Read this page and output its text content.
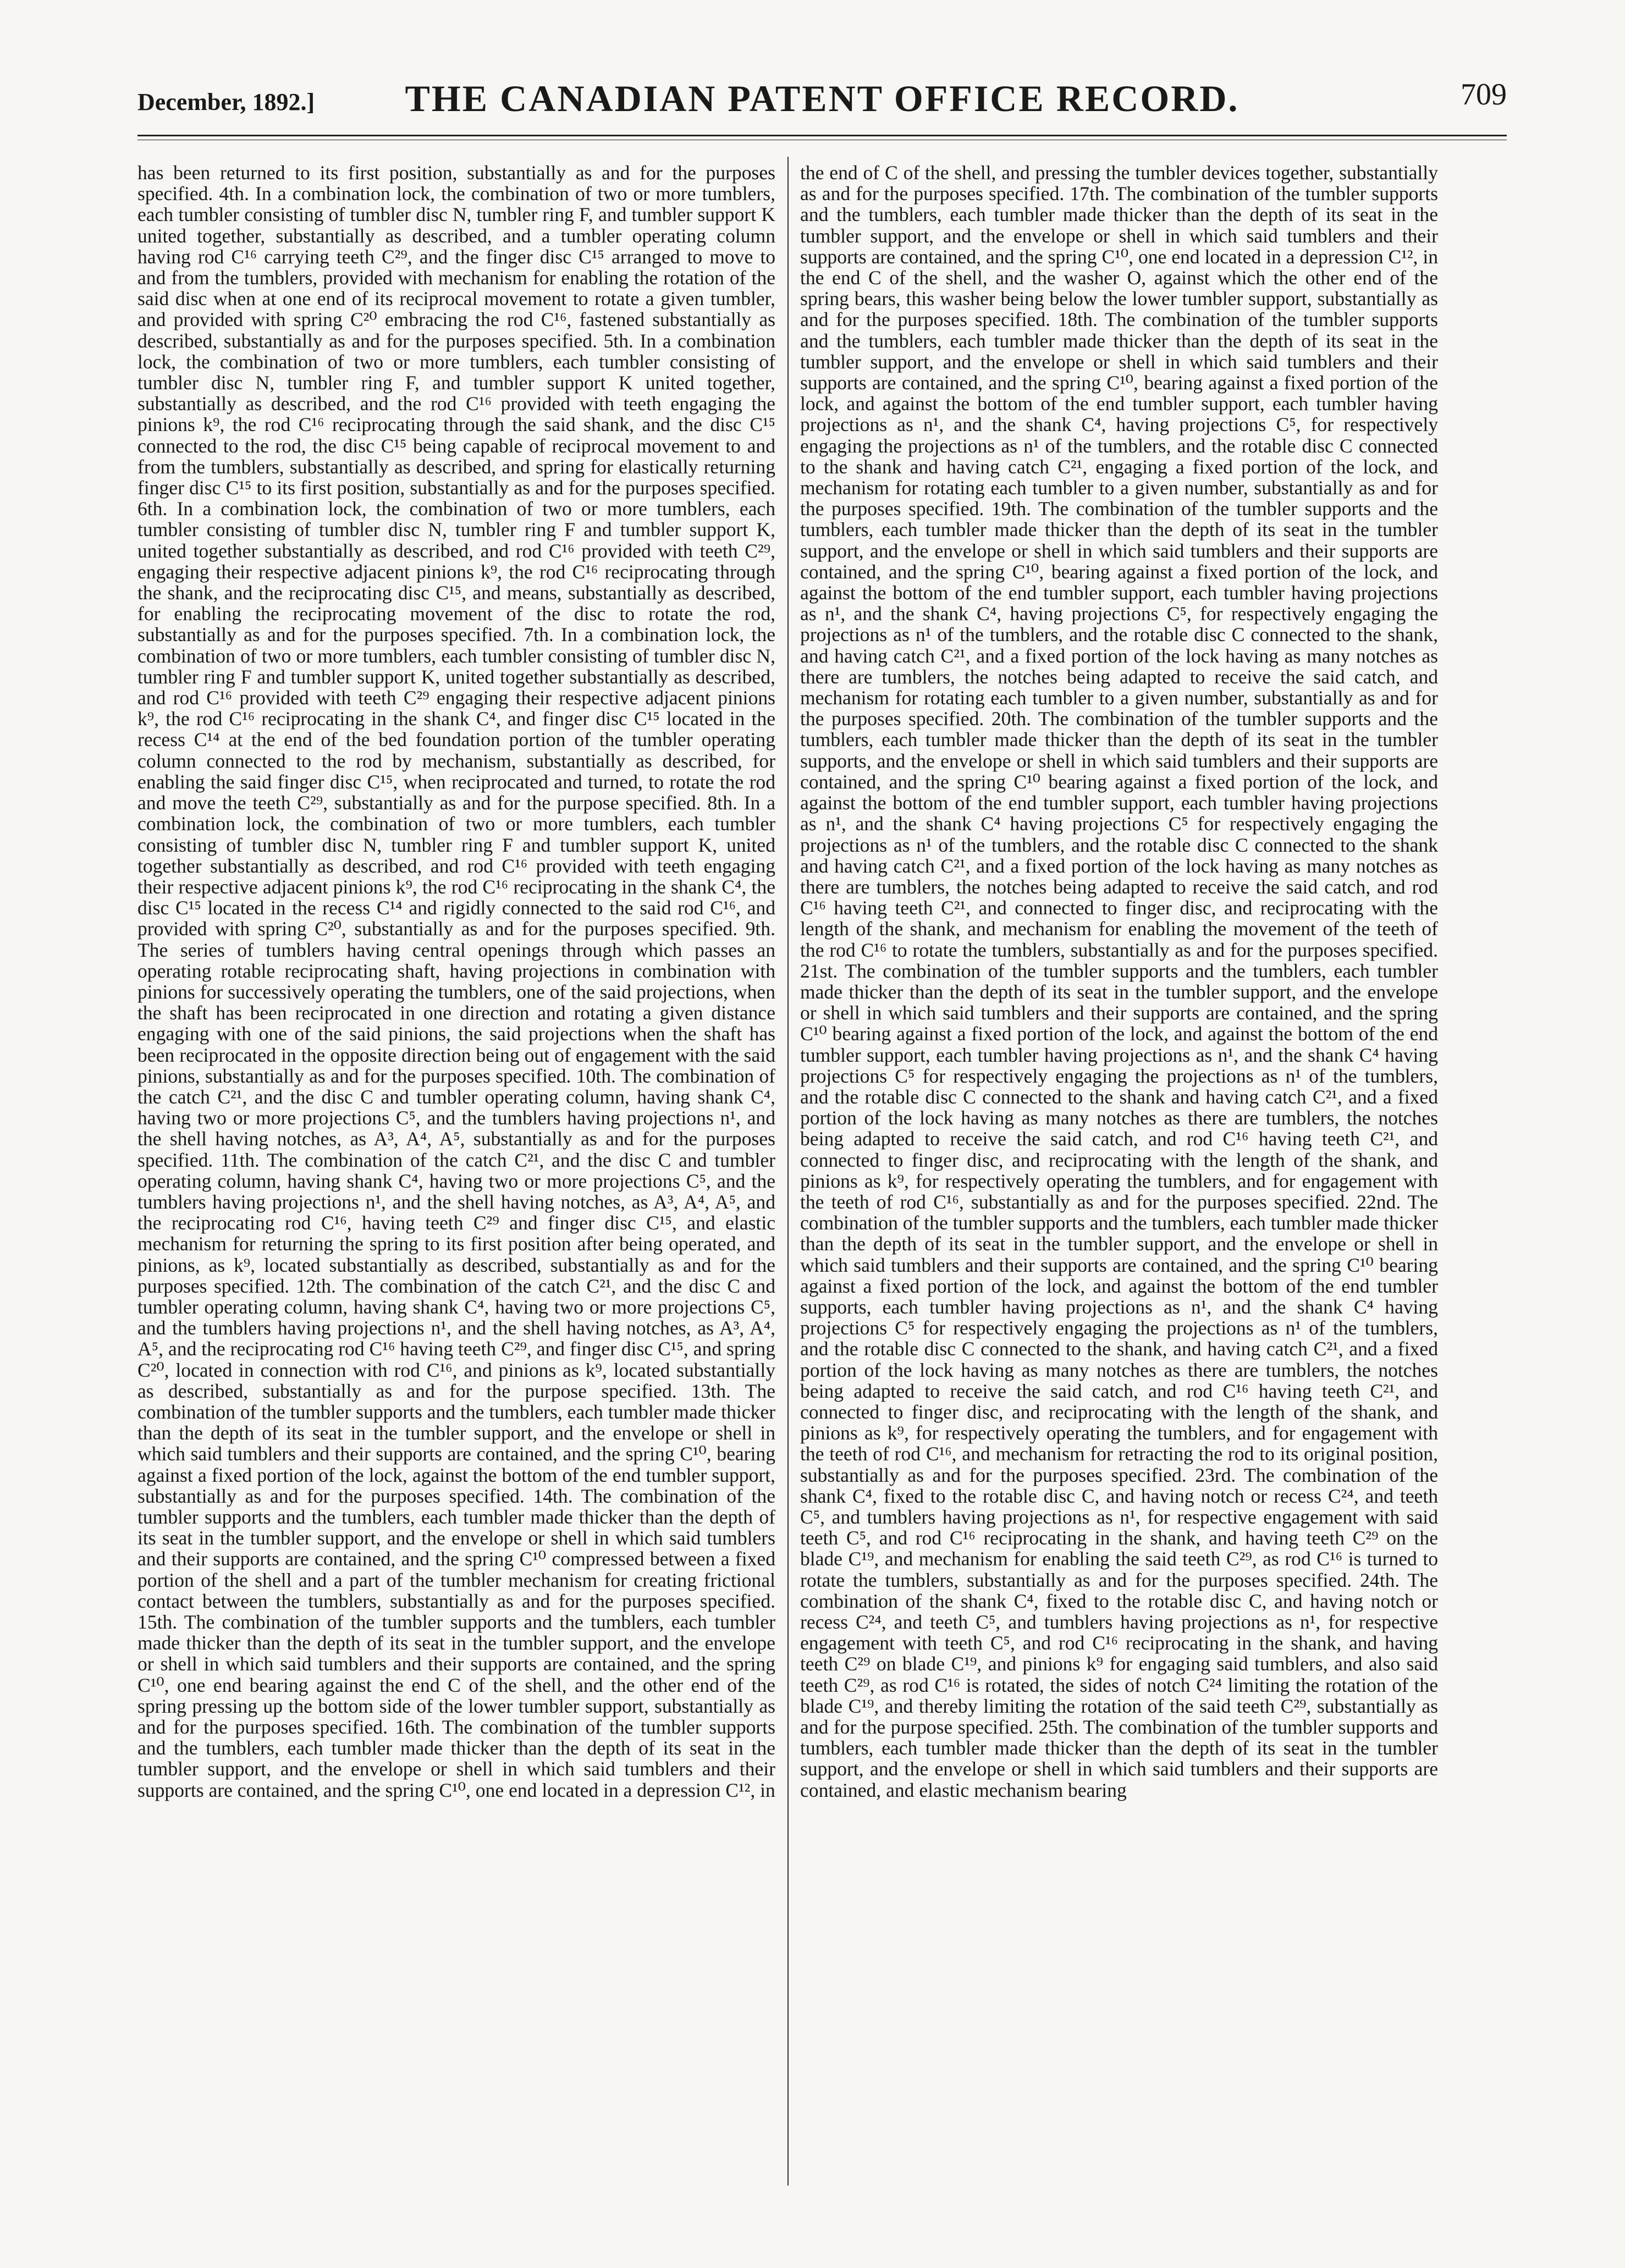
December, 1892.]	THE CANADIAN PATENT OFFICE RECORD.	709

has been returned to its first position, substantially as and for the purposes specified. 4th. In a combination lock, the combination of two or more tumblers, each tumbler consisting of tumbler disc N, tumbler ring F, and tumbler support K united together, substantially as described, and a tumbler operating column having rod C¹⁶ carrying teeth C²⁹, and the finger disc C¹⁵ arranged to move to and from the tumblers, provided with mechanism for enabling the rotation of the said disc when at one end of its reciprocal movement to rotate a given tumbler, and provided with spring C²⁰ embracing the rod C¹⁶, fastened substantially as described, substantially as and for the purposes specified. 5th. In a combination lock, the combination of two or more tumblers, each tumbler consisting of tumbler disc N, tumbler ring F, and tumbler support K united together, substantially as described, and the rod C¹⁶ provided with teeth engaging the pinions k⁹, the rod C¹⁶ reciprocating through the said shank, and the disc C¹⁵ connected to the rod, the disc C¹⁵ being capable of reciprocal movement to and from the tumblers, substantially as described, and spring for elastically returning finger disc C¹⁵ to its first position, substantially as and for the purposes specified. 6th. In a combination lock, the combination of two or more tumblers, each tumbler consisting of tumbler disc N, tumbler ring F and tumbler support K, united together substantially as described, and rod C¹⁶ provided with teeth C²⁹, engaging their respective adjacent pinions k⁹, the rod C¹⁶ reciprocating through the shank, and the reciprocating disc C¹⁵, and means, substantially as described, for enabling the reciprocating movement of the disc to rotate the rod, substantially as and for the purposes specified. 7th. In a combination lock, the combination of two or more tumblers, each tumbler consisting of tumbler disc N, tumbler ring F and tumbler support K, united together substantially as described, and rod C¹⁶ provided with teeth C²⁹ engaging their respective adjacent pinions k⁹, the rod C¹⁶ reciprocating in the shank C⁴, and finger disc C¹⁵ located in the recess C¹⁴ at the end of the bed foundation portion of the tumbler operating column connected to the rod by mechanism, substantially as described, for enabling the said finger disc C¹⁵, when reciprocated and turned, to rotate the rod and move the teeth C²⁹, substantially as and for the purpose specified. 8th. In a combination lock, the combination of two or more tumblers, each tumbler consisting of tumbler disc N, tumbler ring F and tumbler support K, united together substantially as described, and rod C¹⁶ provided with teeth engaging their respective adjacent pinions k⁹, the rod C¹⁶ reciprocating in the shank C⁴, the disc C¹⁵ located in the recess C¹⁴ and rigidly connected to the said rod C¹⁶, and provided with spring C²⁰, substantially as and for the purposes specified. 9th. The series of tumblers having central openings through which passes an operating rotable reciprocating shaft, having projections in combination with pinions for successively operating the tumblers, one of the said projections, when the shaft has been reciprocated in one direction and rotating a given distance engaging with one of the said pinions, the said projections when the shaft has been reciprocated in the opposite direction being out of engagement with the said pinions, substantially as and for the purposes specified. 10th. The combination of the catch C²¹, and the disc C and tumbler operating column, having shank C⁴, having two or more projections C⁵, and the tumblers having projections n¹, and the shell having notches, as A³, A⁴, A⁵, substantially as and for the purposes specified. 11th. The combination of the catch C²¹, and the disc C and tumbler operating column, having shank C⁴, having two or more projections C⁵, and the tumblers having projections n¹, and the shell having notches, as A³, A⁴, A⁵, and the reciprocating rod C¹⁶, having teeth C²⁹ and finger disc C¹⁵, and elastic mechanism for returning the spring to its first position after being operated, and pinions, as k⁹, located substantially as described, substantially as and for the purposes specified. 12th. The combination of the catch C²¹, and the disc C and tumbler operating column, having shank C⁴, having two or more projections C⁵, and the tumblers having projections n¹, and the shell having notches, as A³, A⁴, A⁵, and the reciprocating rod C¹⁶ having teeth C²⁹, and finger disc C¹⁵, and spring C²⁰, located in connection with rod C¹⁶, and pinions as k⁹, located substantially as described, substantially as and for the purpose specified. 13th. The combination of the tumbler supports and the tumblers, each tumbler made thicker than the depth of its seat in the tumbler support, and the envelope or shell in which said tumblers and their supports are contained, and the spring C¹⁰, bearing against a fixed portion of the lock, against the bottom of the end tumbler support, substantially as and for the purposes specified. 14th. The combination of the tumbler supports and the tumblers, each tumbler made thicker than the depth of its seat in the tumbler support, and the envelope or shell in which said tumblers and their supports are contained, and the spring C¹⁰ compressed between a fixed portion of the shell and a part of the tumbler mechanism for creating frictional contact between the tumblers, substantially as and for the purposes specified. 15th. The combination of the tumbler supports and the tumblers, each tumbler made thicker than the depth of its seat in the tumbler support, and the envelope or shell in which said tumblers and their supports are contained, and the spring C¹⁰, one end bearing against the end C of the shell, and the other end of the spring pressing up the bottom side of the lower tumbler support, substantially as and for the purposes specified. 16th. The combination of the tumbler supports and the tumblers, each tumbler made thicker than the depth of its seat in the tumbler support, and the envelope or shell in which said tumblers and their supports are contained, and the spring C¹⁰, one end located in a depression C¹², in

the end of C of the shell, and pressing the tumbler devices together, substantially as and for the purposes specified. 17th. The combination of the tumbler supports and the tumblers, each tumbler made thicker than the depth of its seat in the tumbler support, and the envelope or shell in which said tumblers and their supports are contained, and the spring C¹⁰, one end located in a depression C¹², in the end C of the shell, and the washer O, against which the other end of the spring bears, this washer being below the lower tumbler support, substantially as and for the purposes specified. 18th. The combination of the tumbler supports and the tumblers, each tumbler made thicker than the depth of its seat in the tumbler support, and the envelope or shell in which said tumblers and their supports are contained, and the spring C¹⁰, bearing against a fixed portion of the lock, and against the bottom of the end tumbler support, each tumbler having projections as n¹, and the shank C⁴, having projections C⁵, for respectively engaging the projections as n¹ of the tumblers, and the rotable disc C connected to the shank and having catch C²¹, engaging a fixed portion of the lock, and mechanism for rotating each tumbler to a given number, substantially as and for the purposes specified. 19th. The combination of the tumbler supports and the tumblers, each tumbler made thicker than the depth of its seat in the tumbler support, and the envelope or shell in which said tumblers and their supports are contained, and the spring C¹⁰, bearing against a fixed portion of the lock, and against the bottom of the end tumbler support, each tumbler having projections as n¹, and the shank C⁴, having projections C⁵, for respectively engaging the projections as n¹ of the tumblers, and the rotable disc C connected to the shank, and having catch C²¹, and a fixed portion of the lock having as many notches as there are tumblers, the notches being adapted to receive the said catch, and mechanism for rotating each tumbler to a given number, substantially as and for the purposes specified. 20th. The combination of the tumbler supports and the tumblers, each tumbler made thicker than the depth of its seat in the tumbler supports, and the envelope or shell in which said tumblers and their supports are contained, and the spring C¹⁰ bearing against a fixed portion of the lock, and against the bottom of the end tumbler support, each tumbler having projections as n¹, and the shank C⁴ having projections C⁵ for respectively engaging the projections as n¹ of the tumblers, and the rotable disc C connected to the shank and having catch C²¹, and a fixed portion of the lock having as many notches as there are tumblers, the notches being adapted to receive the said catch, and rod C¹⁶ having teeth C²¹, and connected to finger disc, and reciprocating with the length of the shank, and mechanism for enabling the movement of the teeth of the rod C¹⁶ to rotate the tumblers, substantially as and for the purposes specified. 21st. The combination of the tumbler supports and the tumblers, each tumbler made thicker than the depth of its seat in the tumbler support, and the envelope or shell in which said tumblers and their supports are contained, and the spring C¹⁰ bearing against a fixed portion of the lock, and against the bottom of the end tumbler support, each tumbler having projections as n¹, and the shank C⁴ having projections C⁵ for respectively engaging the projections as n¹ of the tumblers, and the rotable disc C connected to the shank and having catch C²¹, and a fixed portion of the lock having as many notches as there are tumblers, the notches being adapted to receive the said catch, and rod C¹⁶ having teeth C²¹, and connected to finger disc, and reciprocating with the length of the shank, and pinions as k⁹, for respectively operating the tumblers, and for engagement with the teeth of rod C¹⁶, substantially as and for the purposes specified. 22nd. The combination of the tumbler supports and the tumblers, each tumbler made thicker than the depth of its seat in the tumbler support, and the envelope or shell in which said tumblers and their supports are contained, and the spring C¹⁰ bearing against a fixed portion of the lock, and against the bottom of the end tumbler supports, each tumbler having projections as n¹, and the shank C⁴ having projections C⁵ for respectively engaging the projections as n¹ of the tumblers, and the rotable disc C connected to the shank, and having catch C²¹, and a fixed portion of the lock having as many notches as there are tumblers, the notches being adapted to receive the said catch, and rod C¹⁶ having teeth C²¹, and connected to finger disc, and reciprocating with the length of the shank, and pinions as k⁹, for respectively operating the tumblers, and for engagement with the teeth of rod C¹⁶, and mechanism for retracting the rod to its original position, substantially as and for the purposes specified. 23rd. The combination of the shank C⁴, fixed to the rotable disc C, and having notch or recess C²⁴, and teeth C⁵, and tumblers having projections as n¹, for respective engagement with said teeth C⁵, and rod C¹⁶ reciprocating in the shank, and having teeth C²⁹ on the blade C¹⁹, and mechanism for enabling the said teeth C²⁹, as rod C¹⁶ is turned to rotate the tumblers, substantially as and for the purposes specified. 24th. The combination of the shank C⁴, fixed to the rotable disc C, and having notch or recess C²⁴, and teeth C⁵, and tumblers having projections as n¹, for respective engagement with teeth C⁵, and rod C¹⁶ reciprocating in the shank, and having teeth C²⁹ on blade C¹⁹, and pinions k⁹ for engaging said tumblers, and also said teeth C²⁹, as rod C¹⁶ is rotated, the sides of notch C²⁴ limiting the rotation of the blade C¹⁹, and thereby limiting the rotation of the said teeth C²⁹, substantially as and for the purpose specified. 25th. The combination of the tumbler supports and tumblers, each tumbler made thicker than the depth of its seat in the tumbler support, and the envelope or shell in which said tumblers and their supports are contained, and elastic mechanism bearing
